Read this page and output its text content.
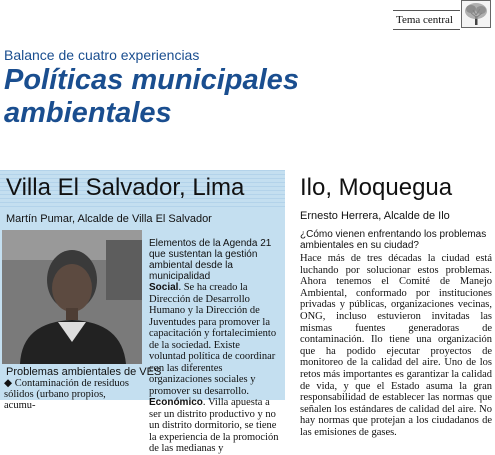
Tema central
Balance de cuatro experiencias
Políticas municipales
ambientales
Villa El Salvador, Lima
Martín Pumar, Alcalde de Villa El Salvador
Problemas ambientales de VES
◆ Contaminación de residuos sólidos (urbano propios, acumu-

Elementos de la Agenda 21 que sustentan la gestión ambiental desde la municipalidad

Social. Se ha creado la Dirección de Desarrollo Humano y la Dirección de Juventudes para promover la capacitación y fortalecimiento de la sociedad. Existe voluntad política de coordinar con las diferentes organizaciones sociales y promover su desarrollo.

Económico. Villa apuesta a ser un distrito productivo y no un distrito dormitorio, se tiene la experiencia de la promoción de las medianas y

Ilo, Moquegua
Ernesto Herrera, Alcalde de Ilo
¿Cómo vienen enfrentando los problemas ambientales en su ciudad?
Hace más de tres décadas la ciudad está luchando por solucionar estos problemas. Ahora tenemos el Comité de Manejo Ambiental, conformado por instituciones privadas y públicas, organizaciones vecinas, ONG, incluso estuvieron invitadas las mismas fuentes generadoras de contaminación. Ilo tiene una organización que ha podido ejecutar proyectos de monitoreo de la calidad del aire. Uno de los retos más importantes es garantizar la calidad de vida, y que el Estado asuma la gran responsabilidad de establecer las normas que señalen los estándares de calidad del aire. No hay normas que protejan a los ciudadanos de las emisiones de gases.
